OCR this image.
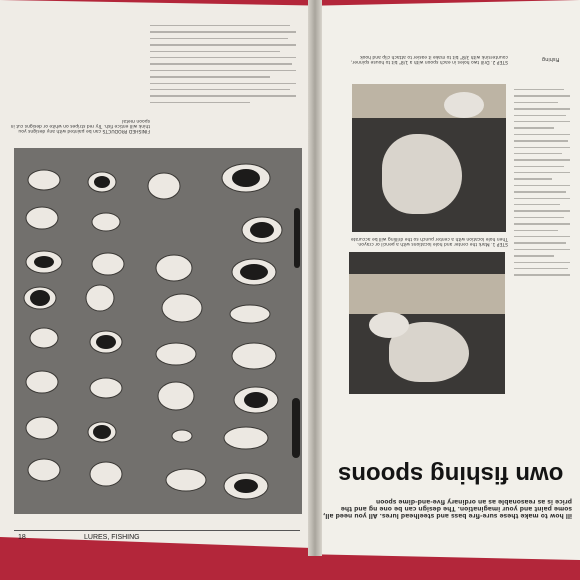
FINISHED PRODUCTS can be painted with any designs you think will entice fish. Try red stripes on white or designs cut in spoon metal
own fishing spoons
ill how to make these sure-fire bass and steelhead lures. All you need all, some paint and your imagination. The design can be one ng and the price is as reasonable as an ordinary five-and-dime spoon
STEP 1. Mark the center and hole locations with a pencil or crayon. Then hole location with a center punch so the drilling will be accurate
STEP 2. Drill two holes in each spoon with a 1/8" bit to house spinner, countersink with 3/8" bit to make it easier to attach clip and hook	Fishing
LURES, FISHING
18
